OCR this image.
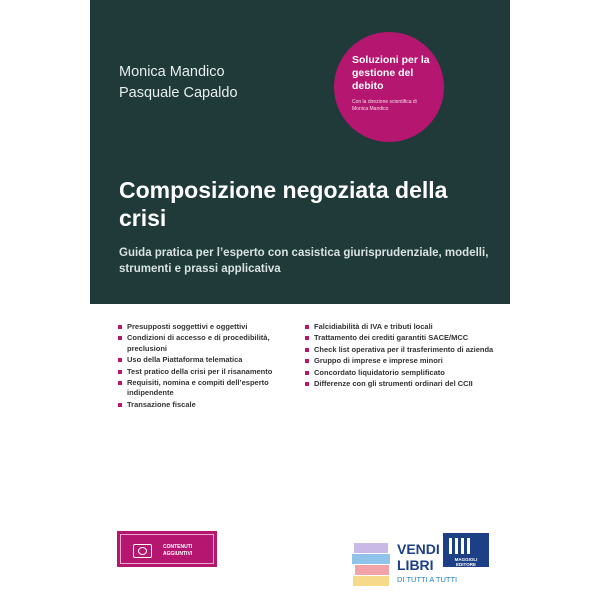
Monica Mandico
Pasquale Capaldo
Soluzioni per la gestione del debito
Con la direzione scientifica di Monica Mandico
Composizione negoziata della crisi
Guida pratica per l’esperto con casistica giurisprudenziale, modelli, strumenti e prassi applicativa
Presupposti soggettivi e oggettivi
Condizioni di accesso e di procedibilità, preclusioni
Uso della Piattaforma telematica
Test pratico della crisi per il risanamento
Requisiti, nomina e compiti dell’esperto indipendente
Transazione fiscale
Falcidiabilità di IVA e tributi locali
Trattamento dei crediti garantiti SACE/MCC
Check list operativa per il trasferimento di azienda
Gruppo di imprese e imprese minori
Concordato liquidatorio semplificato
Differenze con gli strumenti ordinari del CCII
CONTENUTI AGGIUNTIVI	VENDI
LIBRI
DI TUTTI A TUTTI
MAGGIOLI EDITORE
